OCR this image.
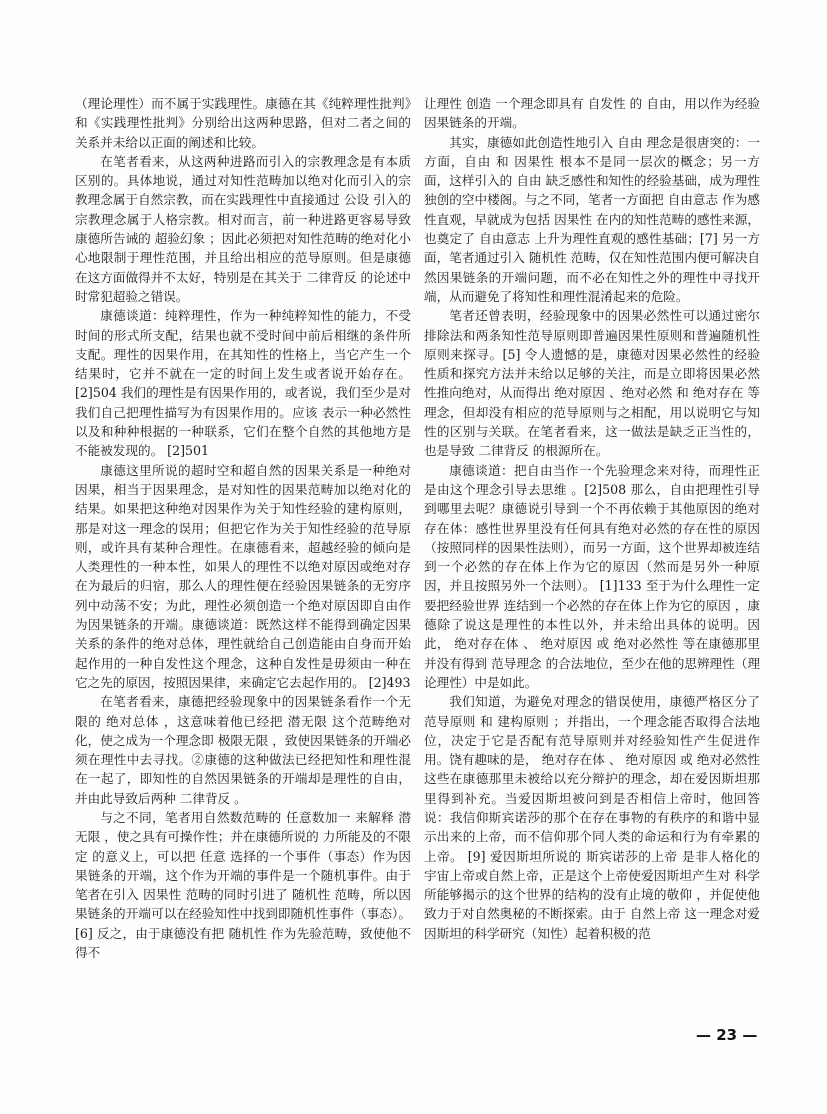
（理论理性）而不属于实践理性。康德在其《纯粹理性批判》和《实践理性批判》分别给出这两种思路，但对二者之间的关系并未给以正面的阐述和比较。

在笔者看来，从这两种进路而引入的宗教理念是有本质区别的。具体地说，通过对知性范畴加以绝对化而引入的宗教理念属于自然宗教，而在实践理性中直接通过 公设 引入的宗教理念属于人格宗教。相对而言，前一种进路更容易导致康德所告诫的 超验幻象 ；因此必须把对知性范畴的绝对化小心地限制于理性范围，并且给出相应的范导原则。但是康德在这方面做得并不太好，特别是在其关于 二律背反 的论述中时常犯超验之错误。

康德谈道：纯粹理性，作为一种纯粹知性的能力，不受时间的形式所支配，结果也就不受时间中前后相继的条件所支配。理性的因果作用，在其知性的性格上，当它产生一个结果时，它并不就在一定的时间上发生或者说开始存在。 [2]504 我们的理性是有因果作用的，或者说，我们至少是对我们自己把理性描写为有因果作用的。应该 表示一种必然性以及和种种根据的一种联系，它们在整个自然的其他地方是不能被发现的。 [2]501

康德这里所说的超时空和超自然的因果关系是一种绝对因果，相当于因果理念，是对知性的因果范畴加以绝对化的结果。如果把这种绝对因果作为关于知性经验的建构原则，那是对这一理念的误用；但把它作为关于知性经验的范导原则，或许具有某种合理性。在康德看来，超越经验的倾向是人类理性的一种本性，如果人的理性不以绝对原因或绝对存在为最后的归宿，那么人的理性便在经验因果链条的无穷序列中动荡不安；为此，理性必须创造一个绝对原因即自由作为因果链条的开端。康德谈道：既然这样不能得到确定因果关系的条件的绝对总体，理性就给自己创造能由自身而开始起作用的一种自发性这个理念，这种自发性是毋须由一种在它之先的原因，按照因果律，来确定它去起作用的。 [2]493

在笔者看来，康德把经验现象中的因果链条看作一个无限的 绝对总体 ，这意味着他已经把 潜无限 这个范畴绝对化，使之成为一个理念即 极限无限 ，致使因果链条的开端必须在理性中去寻找。②康德的这种做法已经把知性和理性混在一起了，即知性的自然因果链条的开端却是理性的自由，并由此导致后两种 二律背反 。

与之不同，笔者用自然数范畴的 任意数加一 来解释 潜无限 ，使之具有可操作性；并在康德所说的 力所能及的不限定 的意义上，可以把 任意 选择的一个事件（事态）作为因果链条的开端，这个作为开端的事件是一个随机事件。由于笔者在引入 因果性 范畴的同时引进了 随机性 范畴，所以因果链条的开端可以在经验知性中找到即随机性事件（事态）。[6] 反之，由于康德没有把 随机性 作为先验范畴，致使他不得不

让理性 创造 一个理念即具有 自发性 的 自由，用以作为经验因果链条的开端。

其实，康德如此创造性地引入 自由 理念是很唐突的：一方面，自由 和 因果性 根本不是同一层次的概念；另一方面，这样引入的 自由 缺乏感性和知性的经验基础，成为理性独创的空中楼阁。与之不同，笔者一方面把 自由意志 作为感性直观，早就成为包括 因果性 在内的知性范畴的感性来源，也奠定了 自由意志 上升为理性直观的感性基础；[7] 另一方面，笔者通过引入 随机性 范畴，仅在知性范围内便可解决自然因果链条的开端问题，而不必在知性之外的理性中寻找开端，从而避免了将知性和理性混淆起来的危险。

笔者还曾表明，经验现象中的因果必然性可以通过密尔排除法和两条知性范导原则即普遍因果性原则和普遍随机性原则来探寻。[5] 令人遗憾的是，康德对因果必然性的经验性质和探究方法并未给以足够的关注，而是立即将因果必然性推向绝对，从而得出 绝对原因 、绝对必然 和 绝对存在 等理念，但却没有相应的范导原则与之相配，用以说明它与知性的区别与关联。在笔者看来，这一做法是缺乏正当性的，也是导致 二律背反 的根源所在。

康德谈道：把自由当作一个先验理念来对待，而理性正是由这个理念引导去思维 。[2]508 那么，自由把理性引导到哪里去呢？康德说引导到一个不再依赖于其他原因的绝对存在体：感性世界里没有任何具有绝对必然的存在性的原因（按照同样的因果性法则），而另一方面，这个世界却被连结到一个必然的存在体上作为它的原因（然而是另外一种原因，并且按照另外一个法则）。 [1]133 至于为什么理性一定要把经验世界 连结到一个必然的存在体上作为它的原因 ，康德除了说这是理性的本性以外，并未给出具体的说明。因此， 绝对存在体 、 绝对原因 或 绝对必然性 等在康德那里并没有得到 范导理念 的合法地位，至少在他的思辨理性（理论理性）中是如此。

我们知道，为避免对理念的错误使用，康德严格区分了 范导原则 和 建构原则 ；并指出，一个理念能否取得合法地位，决定于它是否配有范导原则并对经验知性产生促进作用。饶有趣味的是， 绝对存在体 、 绝对原因 或 绝对必然性 这些在康德那里未被给以充分辩护的理念，却在爱因斯坦那里得到补充。当爱因斯坦被问到是否相信上帝时，他回答说：我信仰斯宾诺莎的那个在存在事物的有秩序的和谐中显示出来的上帝，而不信仰那个同人类的命运和行为有牵累的上帝。 [9] 爱因斯坦所说的 斯宾诺莎的上帝 是非人格化的宇宙上帝或自然上帝，正是这个上帝使爱因斯坦产生对 科学所能够揭示的这个世界的结构的没有止境的敬仰 ，并促使他致力于对自然奥秘的不断探索。由于 自然上帝 这一理念对爱因斯坦的科学研究（知性）起着积极的范

— 23 —
